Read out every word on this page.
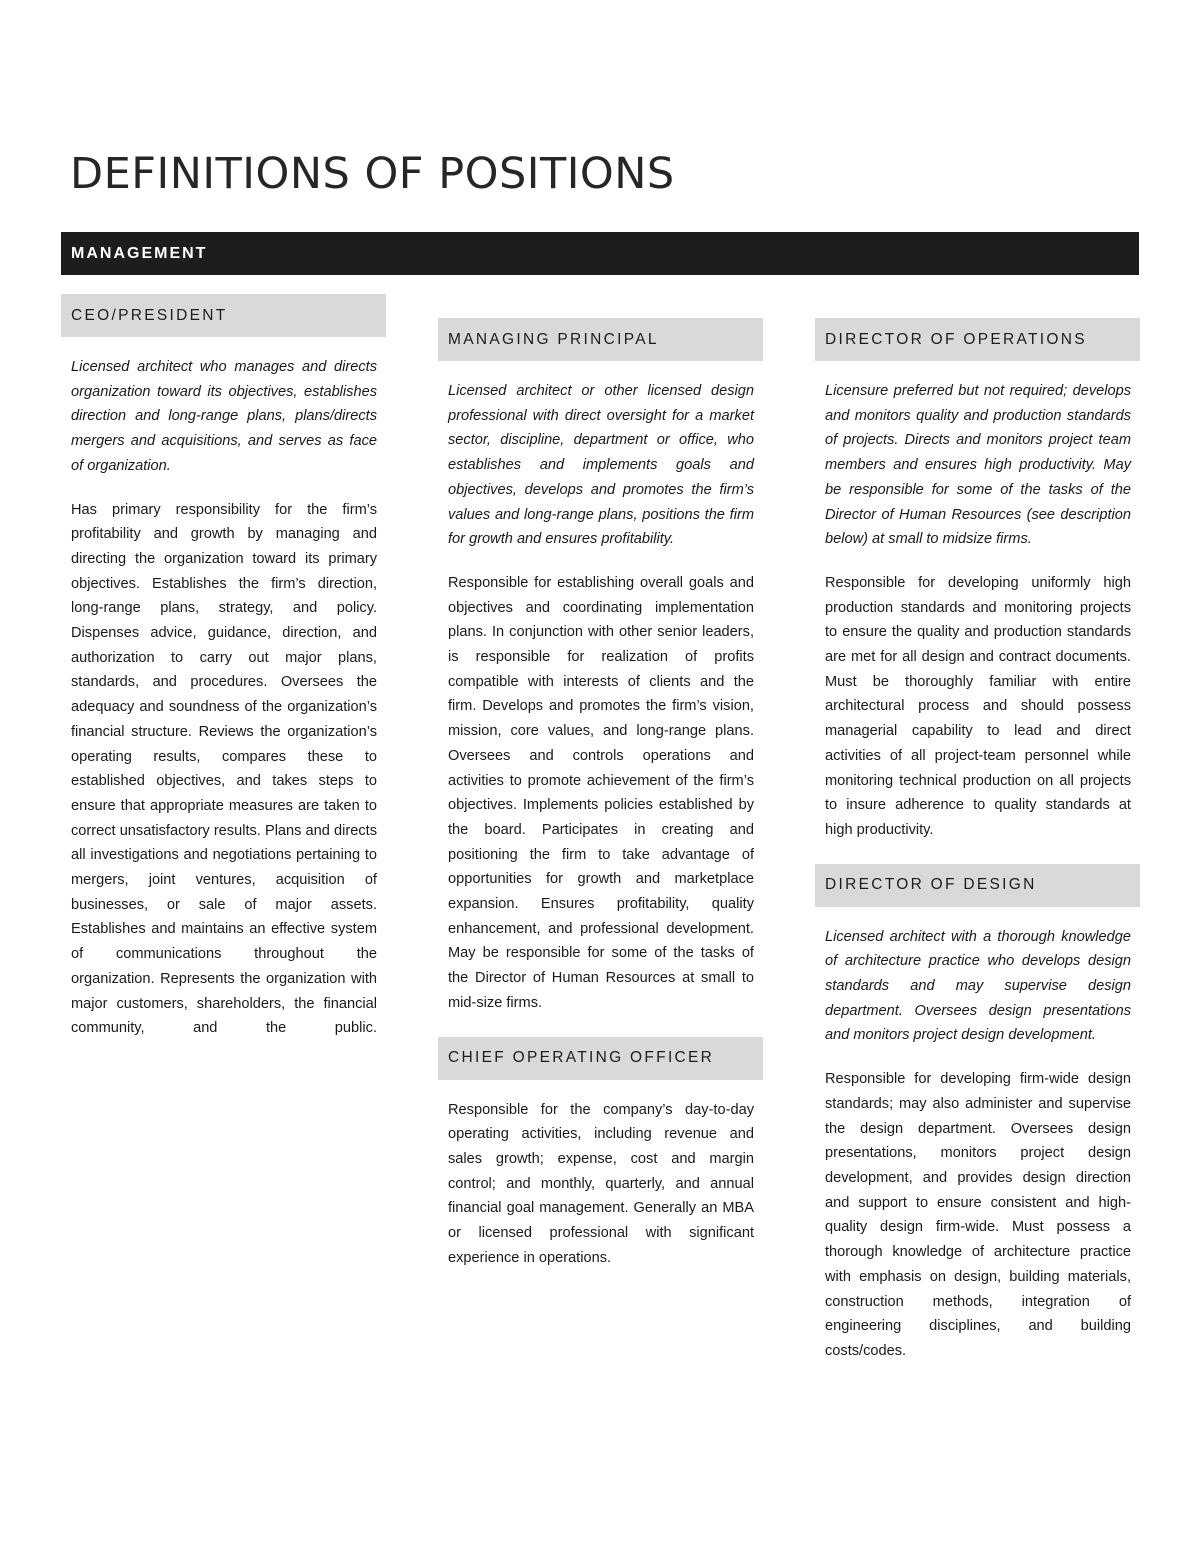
DEFINITIONS OF POSITIONS
MANAGEMENT
CEO/PRESIDENT

Licensed architect who manages and directs organization toward its objectives, establishes direction and long-range plans, plans/directs mergers and acquisitions, and serves as face of organization.

Has primary responsibility for the firm’s profitability and growth by managing and directing the organization toward its primary objectives. Establishes the firm’s direction, long-range plans, strategy, and policy. Dispenses advice, guidance, direction, and authorization to carry out major plans, standards, and procedures. Oversees the adequacy and soundness of the organization’s financial structure. Reviews the organization’s operating results, compares these to established objectives, and takes steps to ensure that appropriate measures are taken to correct unsatisfactory results. Plans and directs all investigations and negotiations pertaining to mergers, joint ventures, acquisition of businesses, or sale of major assets. Establishes and maintains an effective system of communications throughout the organization. Represents the organization with major customers, shareholders, the financial community, and the public.

MANAGING PRINCIPAL

Licensed architect or other licensed design professional with direct oversight for a market sector, discipline, department or office, who establishes and implements goals and objectives, develops and promotes the firm’s values and long-range plans, positions the firm for growth and ensures profitability.

Responsible for establishing overall goals and objectives and coordinating implementation plans. In conjunction with other senior leaders, is responsible for realization of profits compatible with interests of clients and the firm. Develops and promotes the firm’s vision, mission, core values, and long-range plans. Oversees and controls operations and activities to promote achievement of the firm’s objectives. Implements policies established by the board. Participates in creating and positioning the firm to take advantage of opportunities for growth and marketplace expansion. Ensures profitability, quality enhancement, and professional development. May be responsible for some of the tasks of the Director of Human Resources at small to mid-size firms.

CHIEF OPERATING OFFICER

Responsible for the company’s day-to-day operating activities, including revenue and sales growth; expense, cost and margin control; and monthly, quarterly, and annual financial goal management. Generally an MBA or licensed professional with significant experience in operations.

DIRECTOR OF OPERATIONS

Licensure preferred but not required; develops and monitors quality and production standards of projects. Directs and monitors project team members and ensures high productivity. May be responsible for some of the tasks of the Director of Human Resources (see description below) at small to midsize firms.

Responsible for developing uniformly high production standards and monitoring projects to ensure the quality and production standards are met for all design and contract documents. Must be thoroughly familiar with entire architectural process and should possess managerial capability to lead and direct activities of all project-team personnel while monitoring technical production on all projects to insure adherence to quality standards at high productivity.

DIRECTOR OF DESIGN

Licensed architect with a thorough knowledge of architecture practice who develops design standards and may supervise design department. Oversees design presentations and monitors project design development.

Responsible for developing firm-wide design standards; may also administer and supervise the design department. Oversees design presentations, monitors project design development, and provides design direction and support to ensure consistent and high-quality design firm-wide. Must possess a thorough knowledge of architecture practice with emphasis on design, building materials, construction methods, integration of engineering disciplines, and building costs/codes.
